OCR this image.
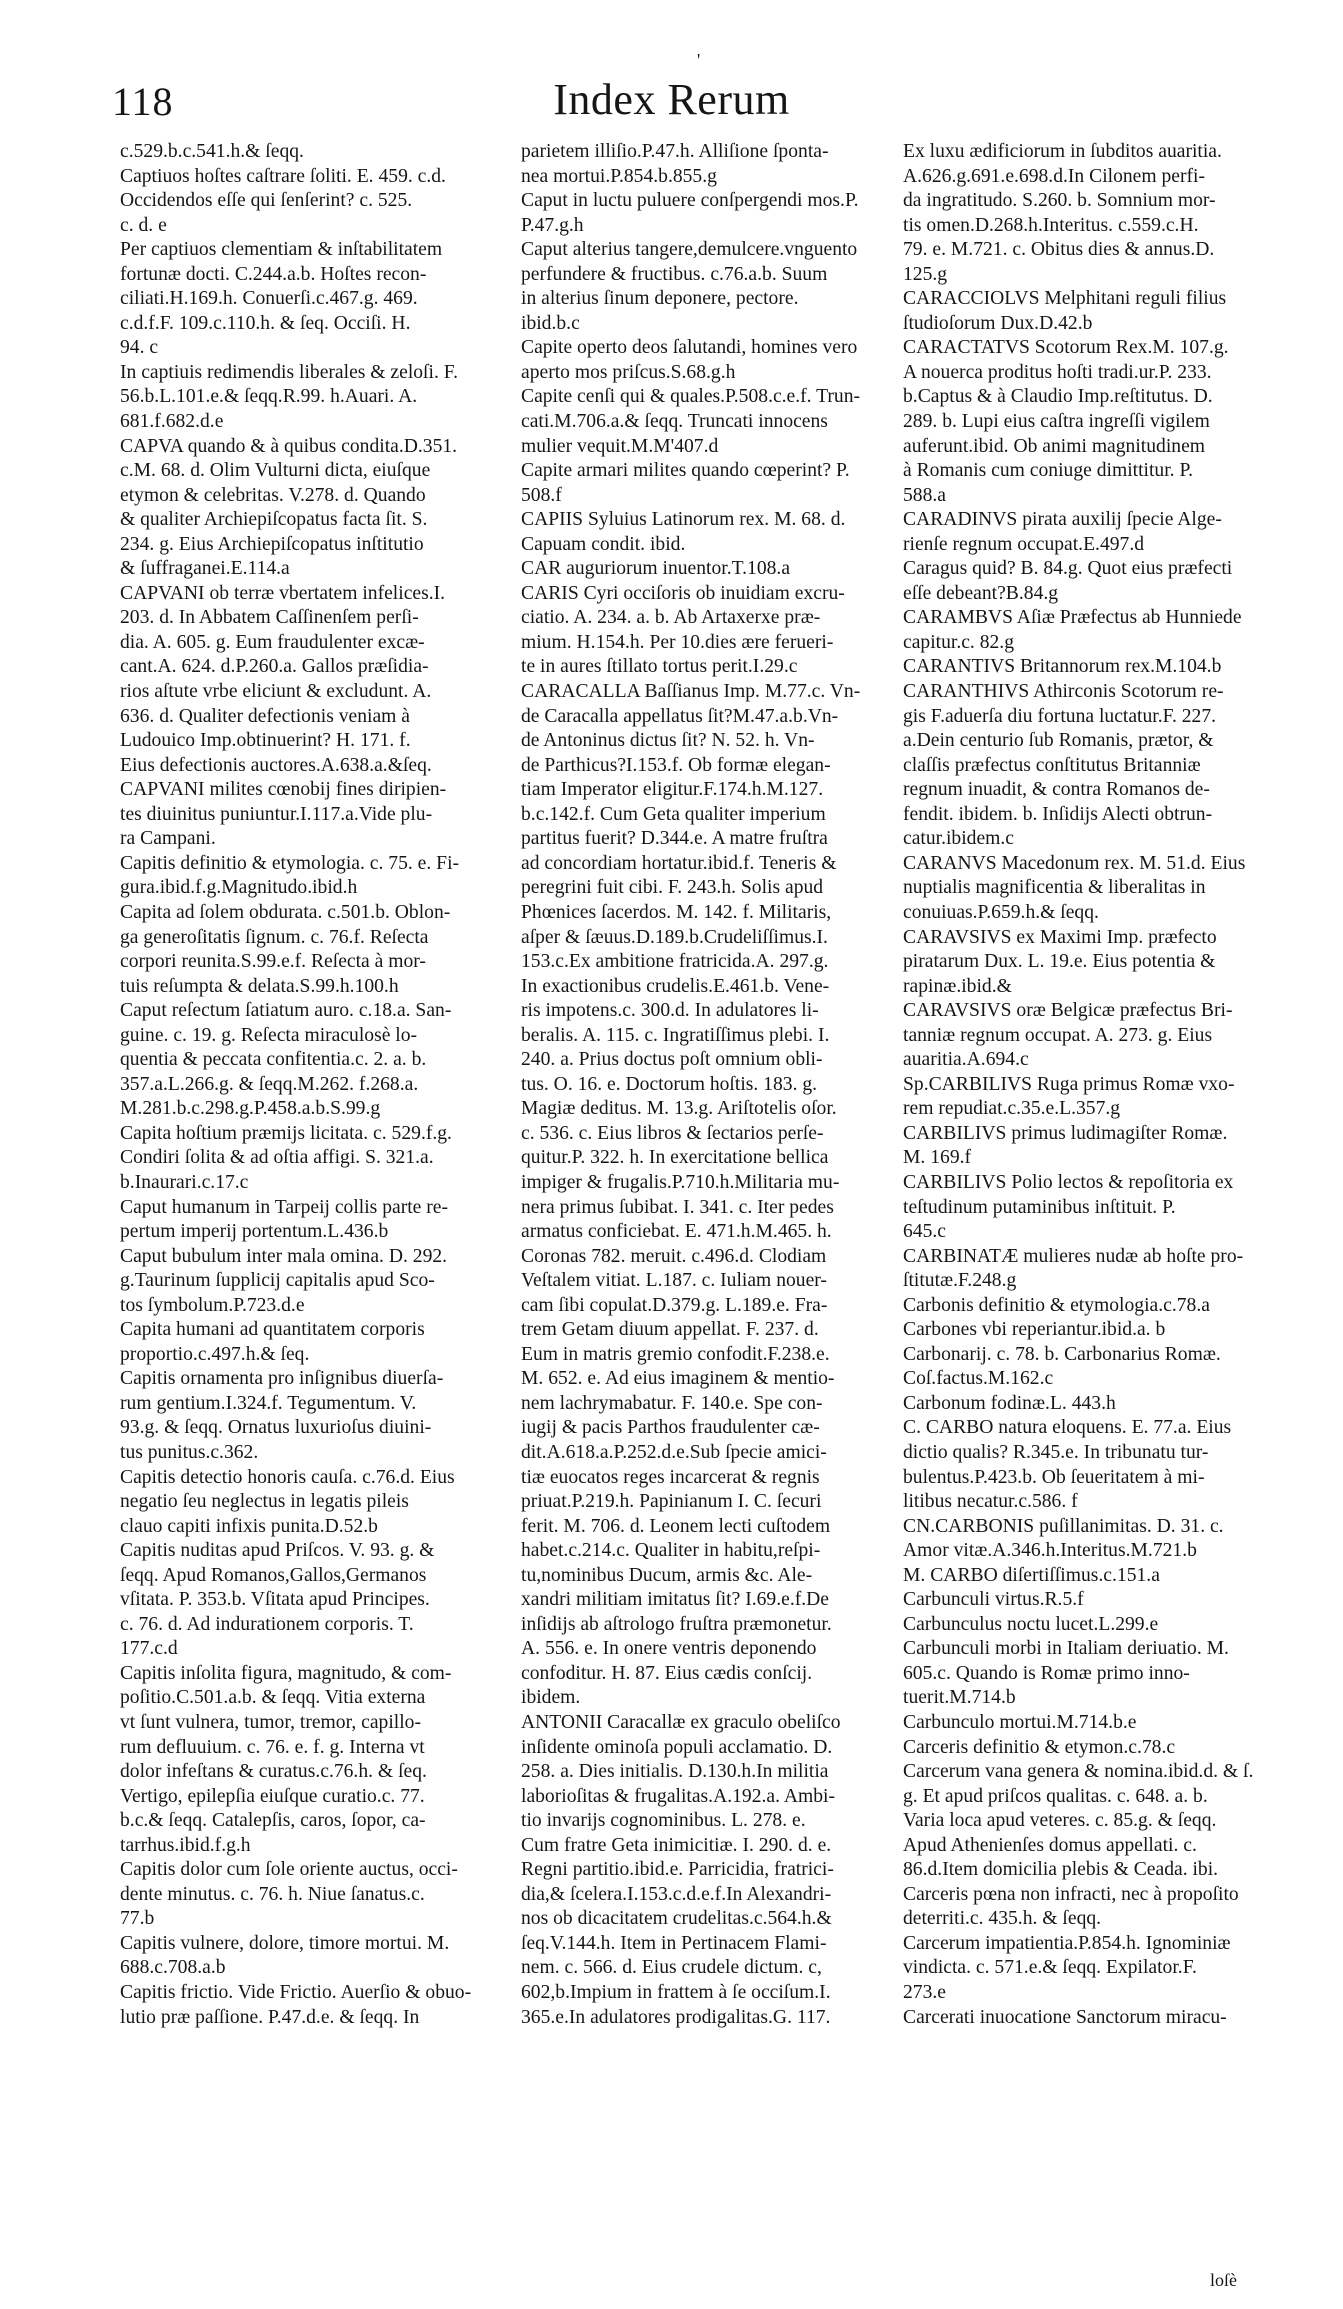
'
118	Index Rerum
c.529.b.c.541.h.& ſeqq.
Captiuos hoſtes caſtrare ſoliti. E. 459. c.d.
Occidendos eſſe qui ſenſerint? c. 525.
c. d. e
Per captiuos clementiam & inſtabilitatem
fortunæ docti. C.244.a.b. Hoſtes recon-
ciliati.H.169.h. Conuerſi.c.467.g. 469.
c.d.f.F. 109.c.110.h. & ſeq. Occiſi. H.
94. c
In captiuis redimendis liberales & zeloſi. F.
56.b.L.101.e.& ſeqq.R.99. h.Auari. A.
681.f.682.d.e
CAPVA quando & à quibus condita.D.351.
c.M. 68. d. Olim Vulturni dicta, eiuſque
etymon & celebritas. V.278. d. Quando
& qualiter Archiepiſcopatus facta ſit. S.
234. g. Eius Archiepiſcopatus inſtitutio
& ſuffraganei.E.114.a
CAPVANI ob terræ vbertatem infelices.I.
203. d. In Abbatem Caſſinenſem perſi-
dia. A. 605. g. Eum fraudulenter excæ-
cant.A. 624. d.P.260.a. Gallos præſidia-
rios aſtute vrbe eliciunt & excludunt. A.
636. d. Qualiter defectionis veniam à
Ludouico Imp.obtinuerint? H. 171. f.
Eius defectionis auctores.A.638.a.&ſeq.
CAPVANI milites cœnobij fines diripien-
tes diuinitus puniuntur.I.117.a.Vide plu-
ra Campani.
Capitis definitio & etymologia. c. 75. e. Fi-
gura.ibid.f.g.Magnitudo.ibid.h
Capita ad ſolem obdurata. c.501.b. Oblon-
ga generoſitatis ſignum. c. 76.f. Reſecta
corpori reunita.S.99.e.f. Reſecta à mor-
tuis reſumpta & delata.S.99.h.100.h
Caput reſectum ſatiatum auro. c.18.a. San-
guine. c. 19. g. Reſecta miraculosè lo-
quentia & peccata confitentia.c. 2. a. b.
357.a.L.266.g. & ſeqq.M.262. f.268.a.
M.281.b.c.298.g.P.458.a.b.S.99.g
Capita hoſtium præmijs licitata. c. 529.f.g.
Condiri ſolita & ad oſtia affigi. S. 321.a.
b.Inaurari.c.17.c
Caput humanum in Tarpeij collis parte re-
pertum imperij portentum.L.436.b
Caput bubulum inter mala omina. D. 292.
g.Taurinum ſupplicij capitalis apud Sco-
tos ſymbolum.P.723.d.e
Capita humani ad quantitatem corporis
proportio.c.497.h.& ſeq.
Capitis ornamenta pro inſignibus diuerſa-
rum gentium.I.324.f. Tegumentum. V.
93.g. & ſeqq. Ornatus luxurioſus diuini-
tus punitus.c.362.
Capitis detectio honoris cauſa. c.76.d. Eius
negatio ſeu neglectus in legatis pileis
clauo capiti infixis punita.D.52.b
Capitis nuditas apud Priſcos. V. 93. g. &
ſeqq. Apud Romanos,Gallos,Germanos
vſitata. P. 353.b. Vſitata apud Principes.
c. 76. d. Ad indurationem corporis. T.
177.c.d
Capitis inſolita figura, magnitudo, & com-
poſitio.C.501.a.b. & ſeqq. Vitia externa
vt ſunt vulnera, tumor, tremor, capillo-
rum defluuium. c. 76. e. f. g. Interna vt
dolor infeſtans & curatus.c.76.h. & ſeq.
Vertigo, epilepſia eiuſque curatio.c. 77.
b.c.& ſeqq. Catalepſis, caros, ſopor, ca-
tarrhus.ibid.f.g.h
Capitis dolor cum ſole oriente auctus, occi-
dente minutus. c. 76. h. Niue ſanatus.c.
77.b
Capitis vulnere, dolore, timore mortui. M.
688.c.708.a.b
Capitis frictio. Vide Frictio. Auerſio & obuo-
lutio præ paſſione. P.47.d.e. & ſeqq. In
parietem illiſio.P.47.h. Alliſione ſponta-
nea mortui.P.854.b.855.g
Caput in luctu puluere conſpergendi mos.P.
P.47.g.h
Caput alterius tangere,demulcere.vnguento
perfundere & fructibus. c.76.a.b. Suum
in alterius ſinum deponere, pectore.
ibid.b.c
Capite operto deos ſalutandi, homines vero
aperto mos priſcus.S.68.g.h
Capite cenſi qui & quales.P.508.c.e.f. Trun-
cati.M.706.a.& ſeqq. Truncati innocens
mulier vequit.M.M'407.d
Capite armari milites quando cœperint? P.
508.f
CAPIIS Syluius Latinorum rex. M. 68. d.
Capuam condit. ibid.
CAR auguriorum inuentor.T.108.a
CARIS Cyri occiſoris ob inuidiam excru-
ciatio. A. 234. a. b. Ab Artaxerxe præ-
mium. H.154.h. Per 10.dies ære ferueri-
te in aures ſtillato tortus perit.I.29.c
CARACALLA Baſſianus Imp. M.77.c. Vn-
de Caracalla appellatus ſit?M.47.a.b.Vn-
de Antoninus dictus ſit? N. 52. h. Vn-
de Parthicus?I.153.f. Ob formæ elegan-
tiam Imperator eligitur.F.174.h.M.127.
b.c.142.f. Cum Geta qualiter imperium
partitus fuerit? D.344.e. A matre fruſtra
ad concordiam hortatur.ibid.f. Teneris &
peregrini fuit cibi. F. 243.h. Solis apud
Phœnices ſacerdos. M. 142. f. Militaris,
aſper & ſæuus.D.189.b.Crudeliſſimus.I.
153.c.Ex ambitione fratricida.A. 297.g.
In exactionibus crudelis.E.461.b. Vene-
ris impotens.c. 300.d. In adulatores li-
beralis. A. 115. c. Ingratiſſimus plebi. I.
240. a. Prius doctus poſt omnium obli-
tus. O. 16. e. Doctorum hoſtis. 183. g.
Magiæ deditus. M. 13.g. Ariſtotelis oſor.
c. 536. c. Eius libros & ſectarios perſe-
quitur.P. 322. h. In exercitatione bellica
impiger & frugalis.P.710.h.Militaria mu-
nera primus ſubibat. I. 341. c. Iter pedes
armatus conficiebat. E. 471.h.M.465. h.
Coronas 782. meruit. c.496.d. Clodiam
Veſtalem vitiat. L.187. c. Iuliam nouer-
cam ſibi copulat.D.379.g. L.189.e. Fra-
trem Getam diuum appellat. F. 237. d.
Eum in matris gremio confodit.F.238.e.
M. 652. e. Ad eius imaginem & mentio-
nem lachrymabatur. F. 140.e. Spe con-
iugij & pacis Parthos fraudulenter cæ-
dit.A.618.a.P.252.d.e.Sub ſpecie amici-
tiæ euocatos reges incarcerat & regnis
priuat.P.219.h. Papinianum I. C. ſecuri
ferit. M. 706. d. Leonem lecti cuſtodem
habet.c.214.c. Qualiter in habitu,reſpi-
tu,nominibus Ducum, armis &c. Ale-
xandri militiam imitatus ſit? I.69.e.f.De
inſidijs ab aſtrologo fruſtra præmonetur.
A. 556. e. In onere ventris deponendo
confoditur. H. 87. Eius cædis conſcij.
ibidem.
ANTONII Caracallæ ex graculo obeliſco
inſidente ominoſa populi acclamatio. D.
258. a. Dies initialis. D.130.h.In militia
laborioſitas & frugalitas.A.192.a. Ambi-
tio invarijs cognominibus. L. 278. e.
Cum fratre Geta inimicitiæ. I. 290. d. e.
Regni partitio.ibid.e. Parricidia, fratrici-
dia,& ſcelera.I.153.c.d.e.f.In Alexandri-
nos ob dicacitatem crudelitas.c.564.h.&
ſeq.V.144.h. Item in Pertinacem Flami-
nem. c. 566. d. Eius crudele dictum. c,
602,b.Impium in frattem à ſe occiſum.I.
365.e.In adulatores prodigalitas.G. 117.
Ex luxu ædificiorum in ſubditos auaritia.
A.626.g.691.e.698.d.In Cilonem perfi-
da ingratitudo. S.260. b. Somnium mor-
tis omen.D.268.h.Interitus. c.559.c.H.
79. e. M.721. c. Obitus dies & annus.D.
125.g
CARACCIOLVS Melphitani reguli filius
ſtudioſorum Dux.D.42.b
CARACTATVS Scotorum Rex.M. 107.g.
A nouerca proditus hoſti tradi.ur.P. 233.
b.Captus & à Claudio Imp.reſtitutus. D.
289. b. Lupi eius caſtra ingreſſi vigilem
auferunt.ibid. Ob animi magnitudinem
à Romanis cum coniuge dimittitur. P.
588.a
CARADINVS pirata auxilij ſpecie Alge-
rienſe regnum occupat.E.497.d
Caragus quid? B. 84.g. Quot eius præfecti
eſſe debeant?B.84.g
CARAMBVS Aſiæ Præfectus ab Hunniede
capitur.c. 82.g
CARANTIVS Britannorum rex.M.104.b
CARANTHIVS Athirconis Scotorum re-
gis F.aduerſa diu fortuna luctatur.F. 227.
a.Dein centurio ſub Romanis, prætor, &
claſſis præfectus conſtitutus Britanniæ
regnum inuadit, & contra Romanos de-
fendit. ibidem. b. Inſidijs Alecti obtrun-
catur.ibidem.c
CARANVS Macedonum rex. M. 51.d. Eius
nuptialis magnificentia & liberalitas in
conuiuas.P.659.h.& ſeqq.
CARAVSIVS ex Maximi Imp. præfecto
piratarum Dux. L. 19.e. Eius potentia &
rapinæ.ibid.&
CARAVSIVS oræ Belgicæ præfectus Bri-
tanniæ regnum occupat. A. 273. g. Eius
auaritia.A.694.c
Sp.CARBILIVS Ruga primus Romæ vxo-
rem repudiat.c.35.e.L.357.g
CARBILIVS primus ludimagiſter Romæ.
M. 169.f
CARBILIVS Polio lectos & repoſitoria ex
teſtudinum putaminibus inſtituit. P.
645.c
CARBINATÆ mulieres nudæ ab hoſte pro-
ſtitutæ.F.248.g
Carbonis definitio & etymologia.c.78.a
Carbones vbi reperiantur.ibid.a. b
Carbonarij. c. 78. b. Carbonarius Romæ.
Coſ.factus.M.162.c
Carbonum fodinæ.L. 443.h
C. CARBO natura eloquens. E. 77.a. Eius
dictio qualis? R.345.e. In tribunatu tur-
bulentus.P.423.b. Ob ſeueritatem à mi-
litibus necatur.c.586. f
CN.CARBONIS puſillanimitas. D. 31. c.
Amor vitæ.A.346.h.Interitus.M.721.b
M. CARBO diſertiſſimus.c.151.a
Carbunculi virtus.R.5.f
Carbunculus noctu lucet.L.299.e
Carbunculi morbi in Italiam deriuatio. M.
605.c. Quando is Romæ primo inno-
tuerit.M.714.b
Carbunculo mortui.M.714.b.e
Carceris definitio & etymon.c.78.c
Carcerum vana genera & nomina.ibid.d. & ſ.
g. Et apud priſcos qualitas. c. 648. a. b.
Varia loca apud veteres. c. 85.g. & ſeqq.
Apud Athenienſes domus appellati. c.
86.d.Item domicilia plebis & Ceada. ibi.
Carceris pœna non infracti, nec à propoſito
deterriti.c. 435.h. & ſeqq.
Carcerum impatientia.P.854.h. Ignominiæ
vindicta. c. 571.e.& ſeqq. Expilator.F.
273.e
Carcerati inuocatione Sanctorum miracu-
loſè
